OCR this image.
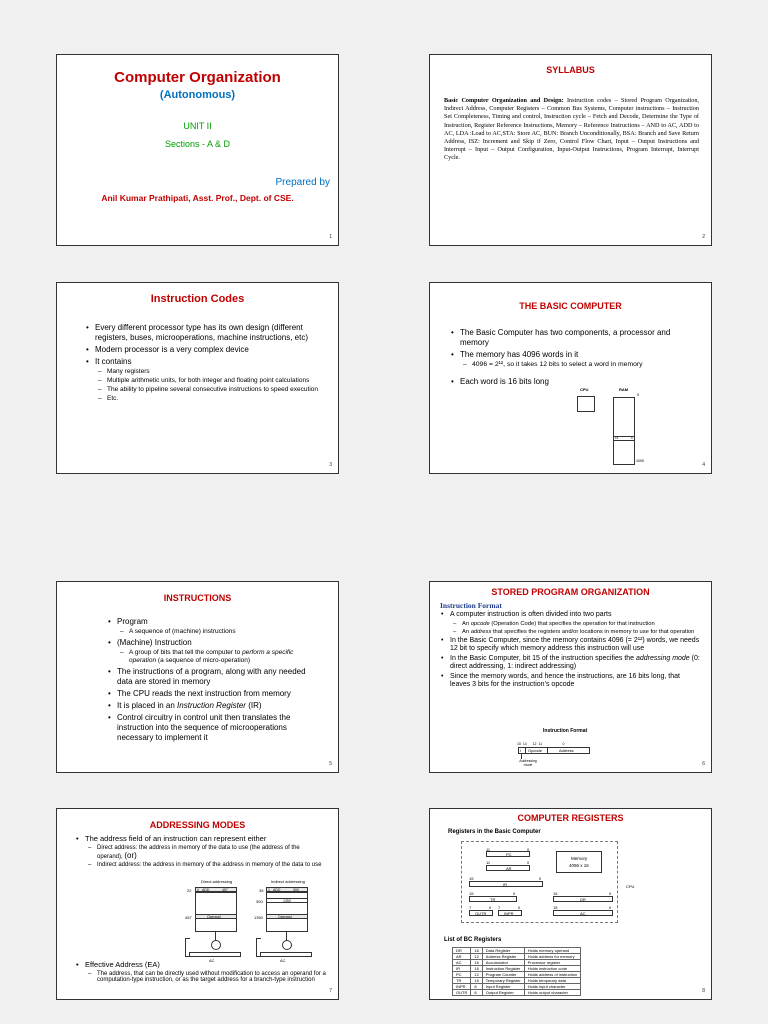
Computer Organization
(Autonomous)
UNIT II
Sections - A & D
Prepared by
Anil Kumar Prathipati, Asst. Prof., Dept. of CSE.
1
SYLLABUS
Basic Computer Organization and Design: Instruction codes – Stored Program Organization, Indirect Address, Computer Registers – Common Bus Systems, Computer instructions – Instruction Set Completeness, Timing and control, Instruction cycle – Fetch and Decode, Determine the Type of Instruction, Register Reference Instructions, Memory – Reference Instructions – AND to AC, ADD to AC, LDA :Load to AC,STA: Store AC, BUN: Branch Unconditionally, BSA: Branch and Save Return Address, ISZ: Increment and Skip if Zero, Control Flow Chart, Input – Output Instructions and Interrupt – Input – Output Configuration, Input-Output Instructions, Program Interrupt, Interrupt Cycle.
2
Instruction Codes
• Every different processor type has its own design (different registers, buses, microoperations, machine instructions, etc)
• Modern processor is a very complex device
• It contains
– Many registers
– Multiple arithmetic units, for both integer and floating point calculations
– The ability to pipeline several consecutive instructions to speed execution
– Etc.
3
THE BASIC COMPUTER
• The Basic Computer has two components, a processor and memory
• The memory has 4096 words in it
– 4096 = 2¹², so it takes 12 bits to select a word in memory
• Each word is 16 bits long
CPU	RAM
0
15	0
4095
4
INSTRUCTIONS
• Program
– A sequence of (machine) instructions
• (Machine) Instruction
– A group of bits that tell the computer to perform a specific operation (a sequence of micro-operation)
• The instructions of a program, along with any needed data are stored in memory
• The CPU reads the next instruction from memory
• It is placed in an Instruction Register (IR)
• Control circuitry in control unit then translates the instruction into the sequence of microoperations necessary to implement it
5
STORED PROGRAM ORGANIZATION
Instruction Format
• A computer instruction is often divided into two parts
– An opcode (Operation Code) that specifies the operation for that instruction
– An address that specifies the registers and/or locations in memory to use for that operation
• In the Basic Computer, since the memory contains 4096 (= 2¹²) words, we needs 12 bit to specify which memory address this instruction will use
• In the Basic Computer, bit 15 of the instruction specifies the addressing mode (0: direct addressing, 1: indirect addressing)
• Since the memory words, and hence the instructions, are 16 bits long, that leaves 3 bits for the instruction’s opcode
Instruction Format
15  14      12  11                     0
I Opcode	Address
Addressing mode	6
ADDRESSING MODES
• The address field of an instruction can represent either
– Direct address: the address in memory of the data to use (the address of the operand), (or)
– Indirect address: the address in memory of the address in memory of the data to use
Direct addressing
22 0 ADD	457
457	Operand
AC
Indirect addressing
35 1 ADD	300
300	1350
1350	Operand
AC
• Effective Address (EA)
– The address, that can be directly used without modification to access an operand for a computation-type instruction, or as the target address for a branch-type instruction
7
COMPUTER REGISTERS
Registers in the Basic Computer
11	0
PC
11	0
AR
15	0
IR
Memory
4096 x 16
CPU
15	0
TR
15	0
DR
7	0
OUTR
7	0
INPR
15	0
AC
List of BC Registers
DR	16	Data Register	Holds memory operand
AR	12	Address Register	Holds address for memory
AC	16	Accumulator	Processor register
IR	16	Instruction Register	Holds instruction code
PC	12	Program Counter	Holds address of instruction
TR	16	Temporary Register	Holds temporary data
INPR	8	Input Register	Holds input character
OUTR	8	Output Register	Holds output character	8
